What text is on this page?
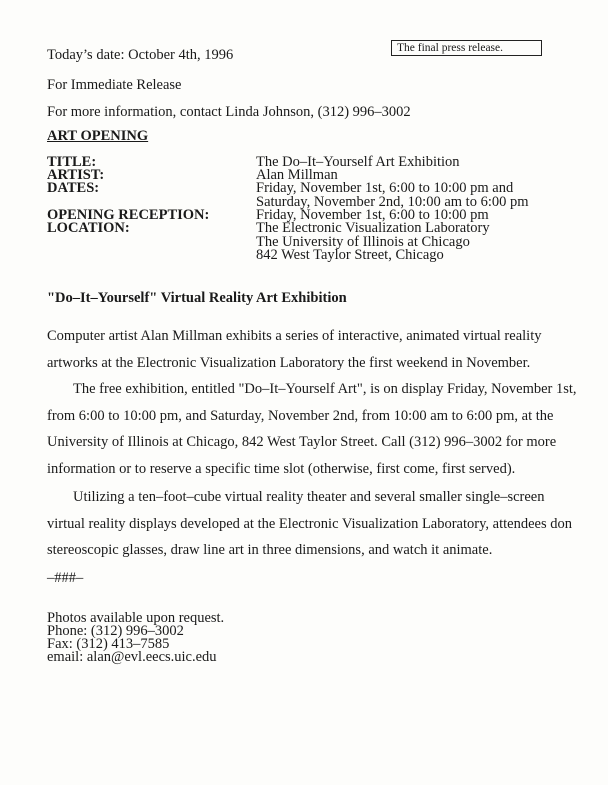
The final press release.
Today’s date: October 4th, 1996
For Immediate Release
For more information, contact Linda Johnson, (312) 996–3002
ART OPENING
TITLE:	The Do–It–Yourself Art Exhibition
ARTIST:	Alan Millman
DATES:	Friday, November 1st, 6:00 to 10:00 pm and
Saturday, November 2nd, 10:00 am to 6:00 pm
OPENING RECEPTION:	Friday, November 1st, 6:00 to 10:00 pm
LOCATION:	The Electronic Visualization Laboratory
The University of Illinois at Chicago
842 West Taylor Street, Chicago
"Do–It–Yourself" Virtual Reality Art Exhibition
Computer artist Alan Millman exhibits a series of interactive, animated virtual reality
artworks at the Electronic Visualization Laboratory the first weekend in November.
The free exhibition, entitled "Do–It–Yourself Art", is on display Friday, November 1st,
from 6:00 to 10:00 pm, and Saturday, November 2nd, from 10:00 am to 6:00 pm, at the
University of Illinois at Chicago, 842 West Taylor Street. Call (312) 996–3002 for more
information or to reserve a specific time slot (otherwise, first come, first served).
Utilizing a ten–foot–cube virtual reality theater and several smaller single–screen
virtual reality displays developed at the Electronic Visualization Laboratory, attendees don
stereoscopic glasses, draw line art in three dimensions, and watch it animate.
–###–
Photos available upon request.
Phone: (312) 996–3002
Fax: (312) 413–7585
email: alan@evl.eecs.uic.edu
